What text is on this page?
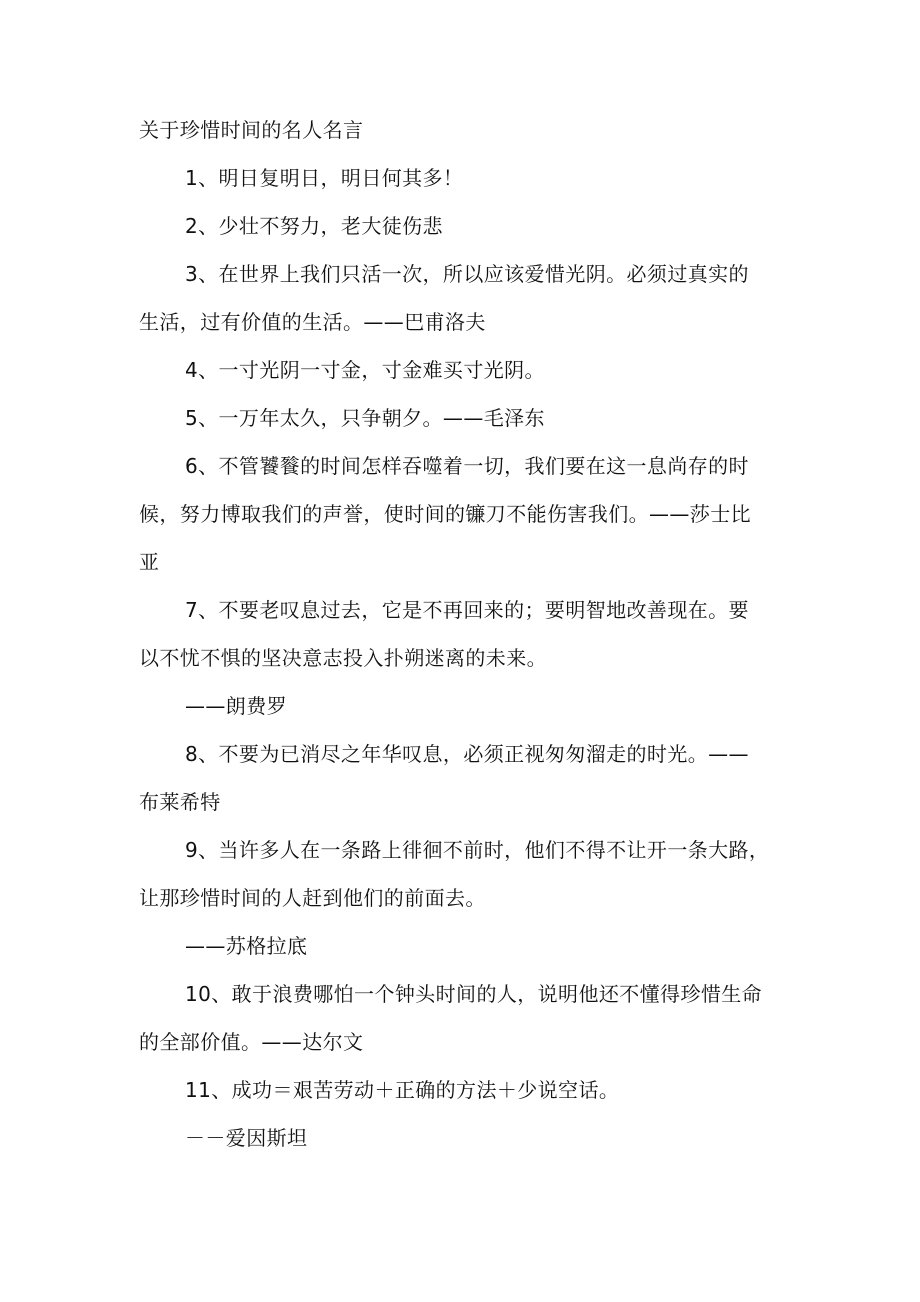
关于珍惜时间的名人名言

1、明日复明日，明日何其多！

2、少壮不努力，老大徒伤悲

3、在世界上我们只活一次，所以应该爱惜光阴。必须过真实的

生活，过有价值的生活。——巴甫洛夫

4、一寸光阴一寸金，寸金难买寸光阴。

5、一万年太久，只争朝夕。——毛泽东

6、不管饕餮的时间怎样吞噬着一切，我们要在这一息尚存的时

候，努力博取我们的声誉，使时间的镰刀不能伤害我们。——莎士比

亚

7、不要老叹息过去，它是不再回来的；要明智地改善现在。要

以不忧不惧的坚决意志投入扑朔迷离的未来。

——朗费罗

8、不要为已消尽之年华叹息，必须正视匆匆溜走的时光。——

布莱希特

9、当许多人在一条路上徘徊不前时，他们不得不让开一条大路，

让那珍惜时间的人赶到他们的前面去。

——苏格拉底

10、敢于浪费哪怕一个钟头时间的人，说明他还不懂得珍惜生命

的全部价值。——达尔文

11、成功＝艰苦劳动＋正确的方法＋少说空话。

－－爱因斯坦
